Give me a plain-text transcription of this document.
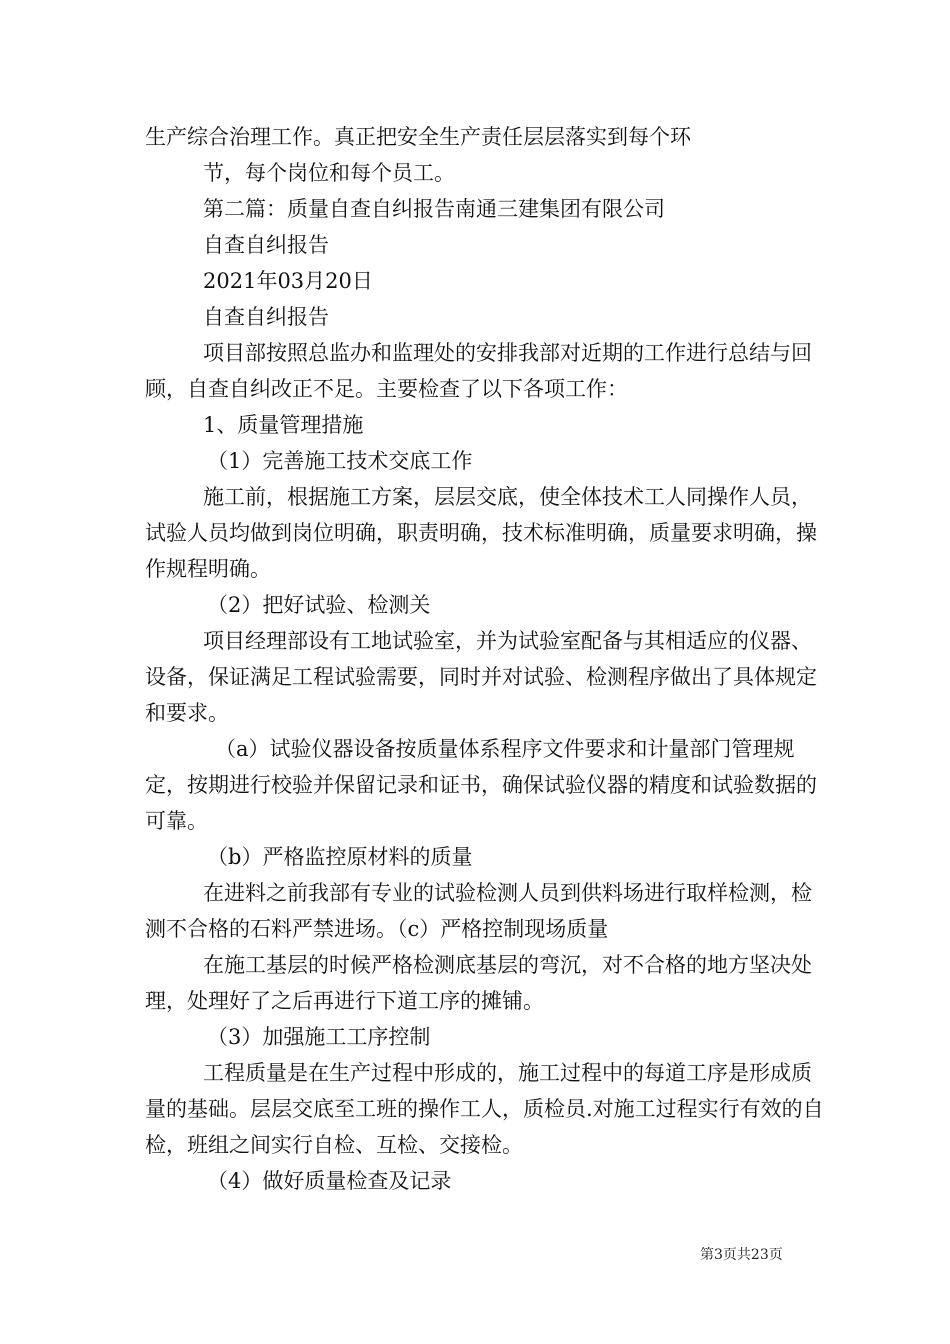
生产综合治理工作。真正把安全生产责任层层落实到每个环

节，每个岗位和每个员工。

第二篇：质量自查自纠报告南通三建集团有限公司

自查自纠报告

2021年03月20日

自查自纠报告

项目部按照总监办和监理处的安排我部对近期的工作进行总结与回顾，自查自纠改正不足。主要检查了以下各项工作：

1、质量管理措施

（1）完善施工技术交底工作

施工前，根据施工方案，层层交底，使全体技术工人同操作人员，试验人员均做到岗位明确，职责明确，技术标准明确，质量要求明确，操作规程明确。

（2）把好试验、检测关

项目经理部设有工地试验室，并为试验室配备与其相适应的仪器、设备，保证满足工程试验需要，同时并对试验、检测程序做出了具体规定和要求。

（a）试验仪器设备按质量体系程序文件要求和计量部门管理规定，按期进行校验并保留记录和证书，确保试验仪器的精度和试验数据的可靠。

（b）严格监控原材料的质量

在进料之前我部有专业的试验检测人员到供料场进行取样检测，检测不合格的石料严禁进场。（c）严格控制现场质量

在施工基层的时候严格检测底基层的弯沉，对不合格的地方坚决处理，处理好了之后再进行下道工序的摊铺。

（3）加强施工工序控制

工程质量是在生产过程中形成的，施工过程中的每道工序是形成质量的基础。层层交底至工班的操作工人，质检员.对施工过程实行有效的自检，班组之间实行自检、互检、交接检。

（4）做好质量检查及记录

第3页共23页
